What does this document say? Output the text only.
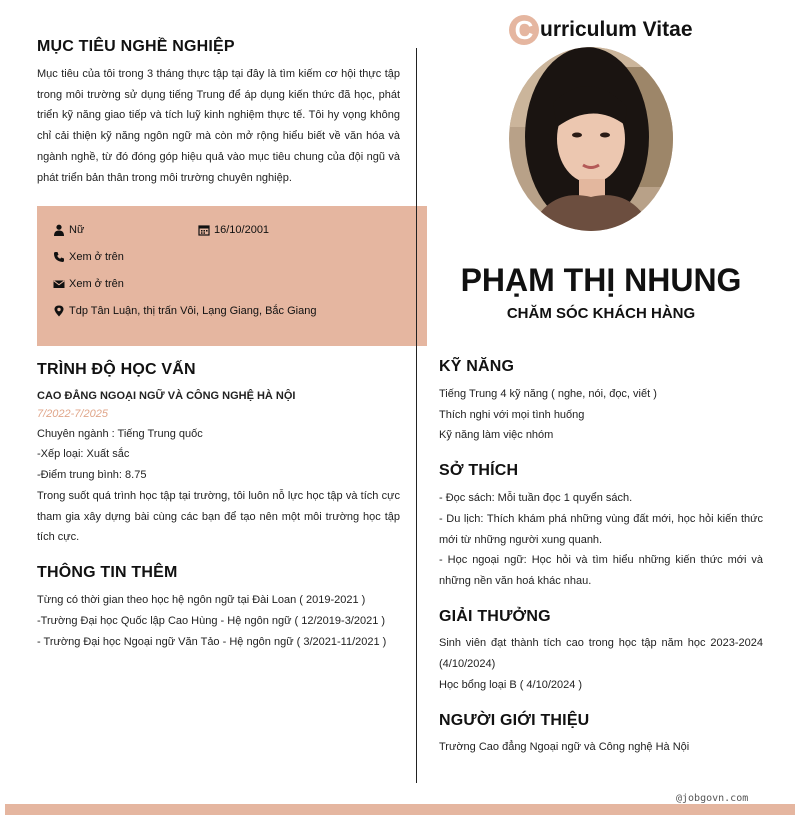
C urriculum Vitae
PHẠM THỊ NHUNG
CHĂM SÓC KHÁCH HÀNG
MỤC TIÊU NGHỀ NGHIỆP
Mục tiêu của tôi trong 3 tháng thực tập tại đây là tìm kiếm cơ hội thực tập trong môi trường sử dụng tiếng Trung để áp dụng kiến thức đã học, phát triển kỹ năng giao tiếp và tích luỹ kinh nghiệm thực tế. Tôi hy vọng không chỉ cải thiện kỹ năng ngôn ngữ mà còn mở rộng hiểu biết về văn hóa và ngành nghề, từ đó đóng góp hiệu quả vào mục tiêu chung của đội ngũ và phát triển bản thân trong môi trường chuyên nghiệp.
Nữ	16/10/2001
Xem ở trên
Xem ở trên
Tdp Tân Luận, thị trấn Vôi, Lạng Giang, Bắc Giang
TRÌNH ĐỘ HỌC VẤN
CAO ĐẲNG NGOẠI NGỮ VÀ CÔNG NGHỆ HÀ NỘI
7/2022-7/2025
Chuyên ngành : Tiếng Trung quốc
-Xếp loại: Xuất sắc
-Điểm trung bình: 8.75
Trong suốt quá trình học tập tại trường, tôi luôn nỗ lực học tập và tích cực tham gia xây dựng bài cùng các bạn để tạo nên một môi trường học tập tích cực.
THÔNG TIN THÊM
Từng có thời gian theo học hệ ngôn ngữ tại Đài Loan ( 2019-2021 )
-Trường Đại học Quốc lập Cao Hùng - Hệ ngôn ngữ ( 12/2019-3/2021 )
- Trường Đại học Ngoại ngữ Văn Tảo - Hệ ngôn ngữ ( 3/2021-11/2021 )
KỸ NĂNG
Tiếng Trung 4 kỹ năng ( nghe, nói, đọc, viết )
Thích nghi với mọi tình huống
Kỹ năng làm việc nhóm
SỞ THÍCH
- Đọc sách: Mỗi tuần đọc 1 quyển sách.
- Du lịch: Thích khám phá những vùng đất mới, học hỏi kiến thức mới từ những người xung quanh.
- Học ngoại ngữ: Học hỏi và tìm hiểu những kiến thức mới và những nền văn hoá khác nhau.
GIẢI THƯỞNG
Sinh viên đạt thành tích cao trong học tập năm học 2023-2024 (4/10/2024)
Học bổng loại B ( 4/10/2024 )
NGƯỜI GIỚI THIỆU
Trường Cao đẳng Ngoại ngữ và Công nghệ Hà Nội
@jobgovn.com
